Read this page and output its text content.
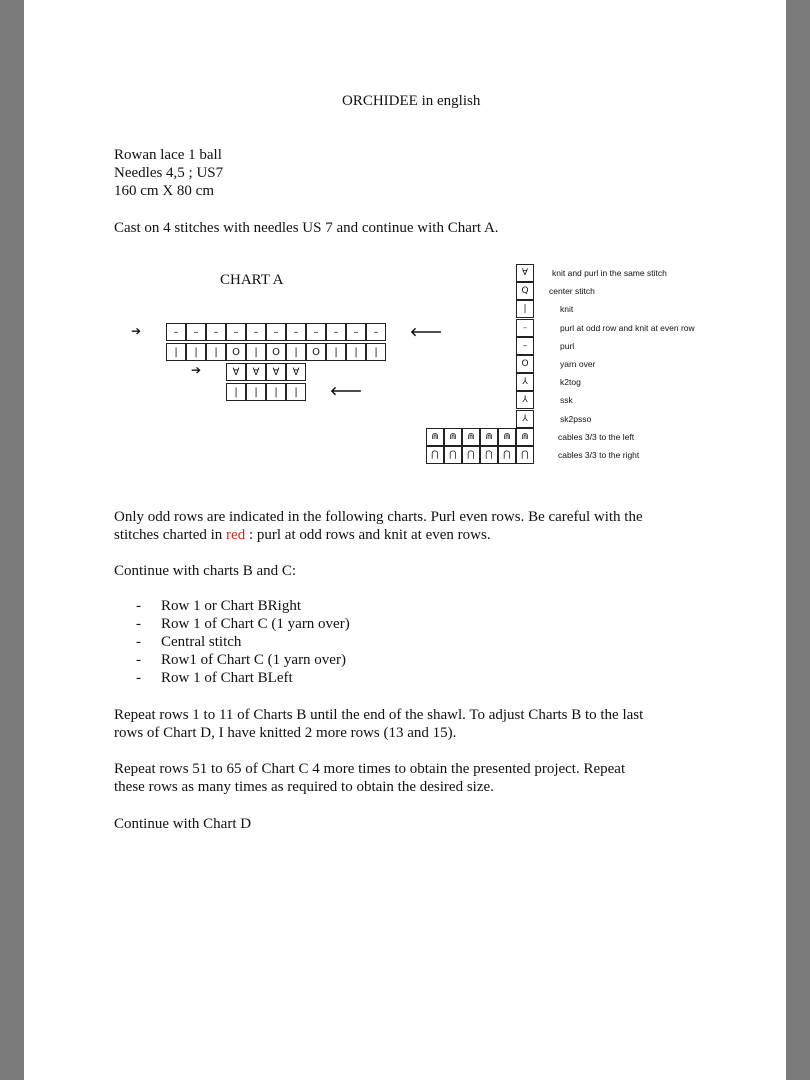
ORCHIDEE in english
Rowan lace 1 ball
Needles 4,5 ; US7
160 cm X 80 cm
Cast on 4 stitches with needles US 7 and continue with Chart A.
CHART A
–	–	–	–	–	–	–	–	–	–	–
|	|	|	O	|	O	|	O	|	|	|
∀	∀	∀	∀
|	|	|	|
➔	🡐
➔
🡐
∀	knit and purl in the same stitch
Q	center stitch
|	knit
–	purl at odd row and knit at even row
–	purl
O	yarn over
⅄	k2tog
⅄	ssk
⅄	sk2psso
⋒	⋒	⋒	⋒	⋒	⋒	cables 3/3 to the left
⋂	⋂	⋂	⋂	⋂	⋂	cables 3/3 to the right
Only odd rows are indicated in the following charts. Purl even rows. Be careful with the
stitches charted in red : purl at odd rows and knit at even rows.
Continue with charts B and C:
- Row 1 or Chart BRight
- Row 1 of Chart C (1 yarn over)
- Central stitch
- Row1 of Chart C (1 yarn over)
- Row 1 of Chart BLeft
Repeat rows 1 to 11 of Charts B until the end of the shawl. To adjust Charts B to the last
rows of Chart D, I have knitted 2 more rows (13 and 15).
Repeat rows 51 to 65 of Chart C 4 more times to obtain the presented project. Repeat
these rows as many times as required to obtain the desired size.
Continue with Chart D
